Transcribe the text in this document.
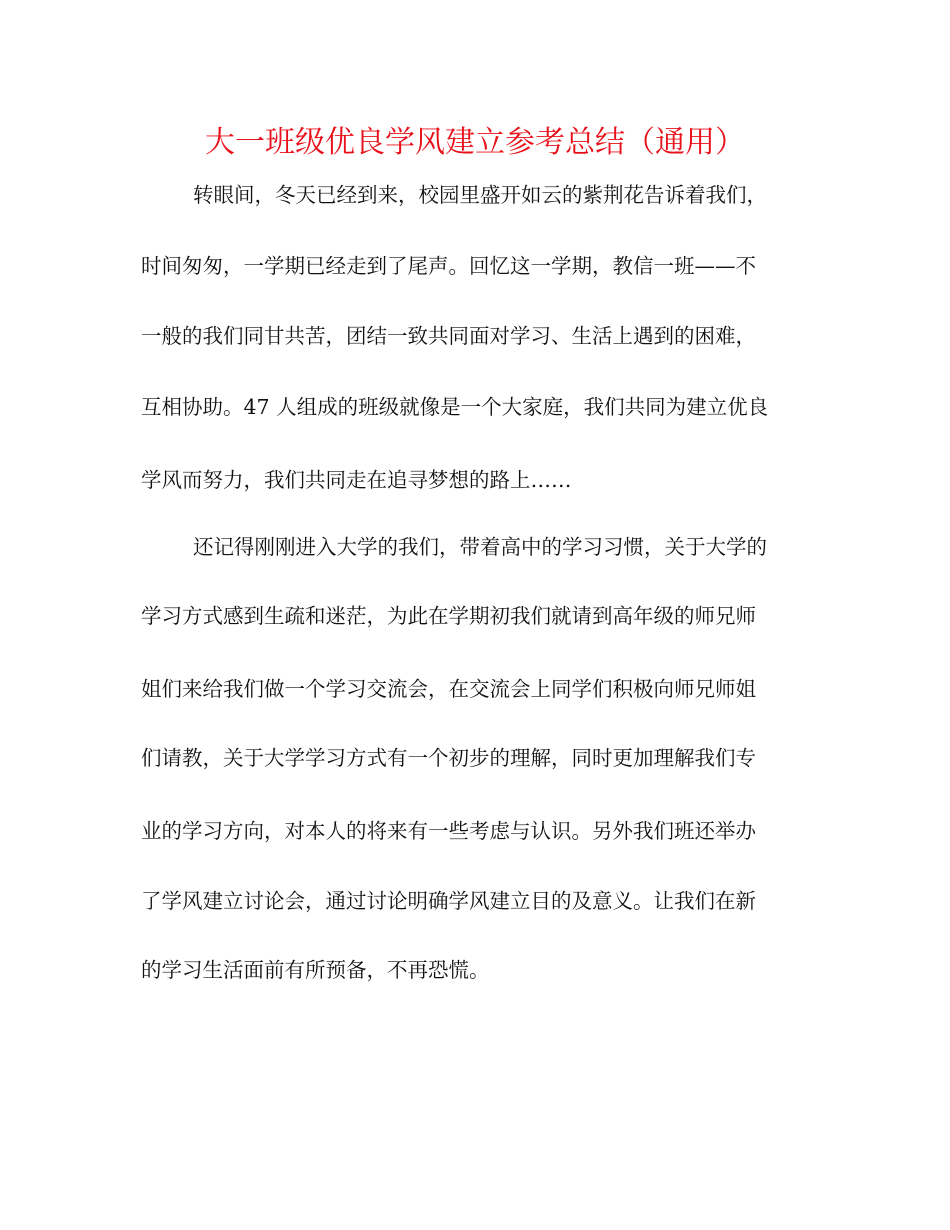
大一班级优良学风建立参考总结（通用）
转眼间，冬天已经到来，校园里盛开如云的紫荆花告诉着我们，
时间匆匆，一学期已经走到了尾声。回忆这一学期，教信一班——不
一般的我们同甘共苦，团结一致共同面对学习、生活上遇到的困难，
互相协助。47 人组成的班级就像是一个大家庭，我们共同为建立优良
学风而努力，我们共同走在追寻梦想的路上……
还记得刚刚进入大学的我们，带着高中的学习习惯，关于大学的
学习方式感到生疏和迷茫，为此在学期初我们就请到高年级的师兄师
姐们来给我们做一个学习交流会，在交流会上同学们积极向师兄师姐
们请教，关于大学学习方式有一个初步的理解，同时更加理解我们专
业的学习方向，对本人的将来有一些考虑与认识。另外我们班还举办
了学风建立讨论会，通过讨论明确学风建立目的及意义。让我们在新
的学习生活面前有所预备，不再恐慌。
